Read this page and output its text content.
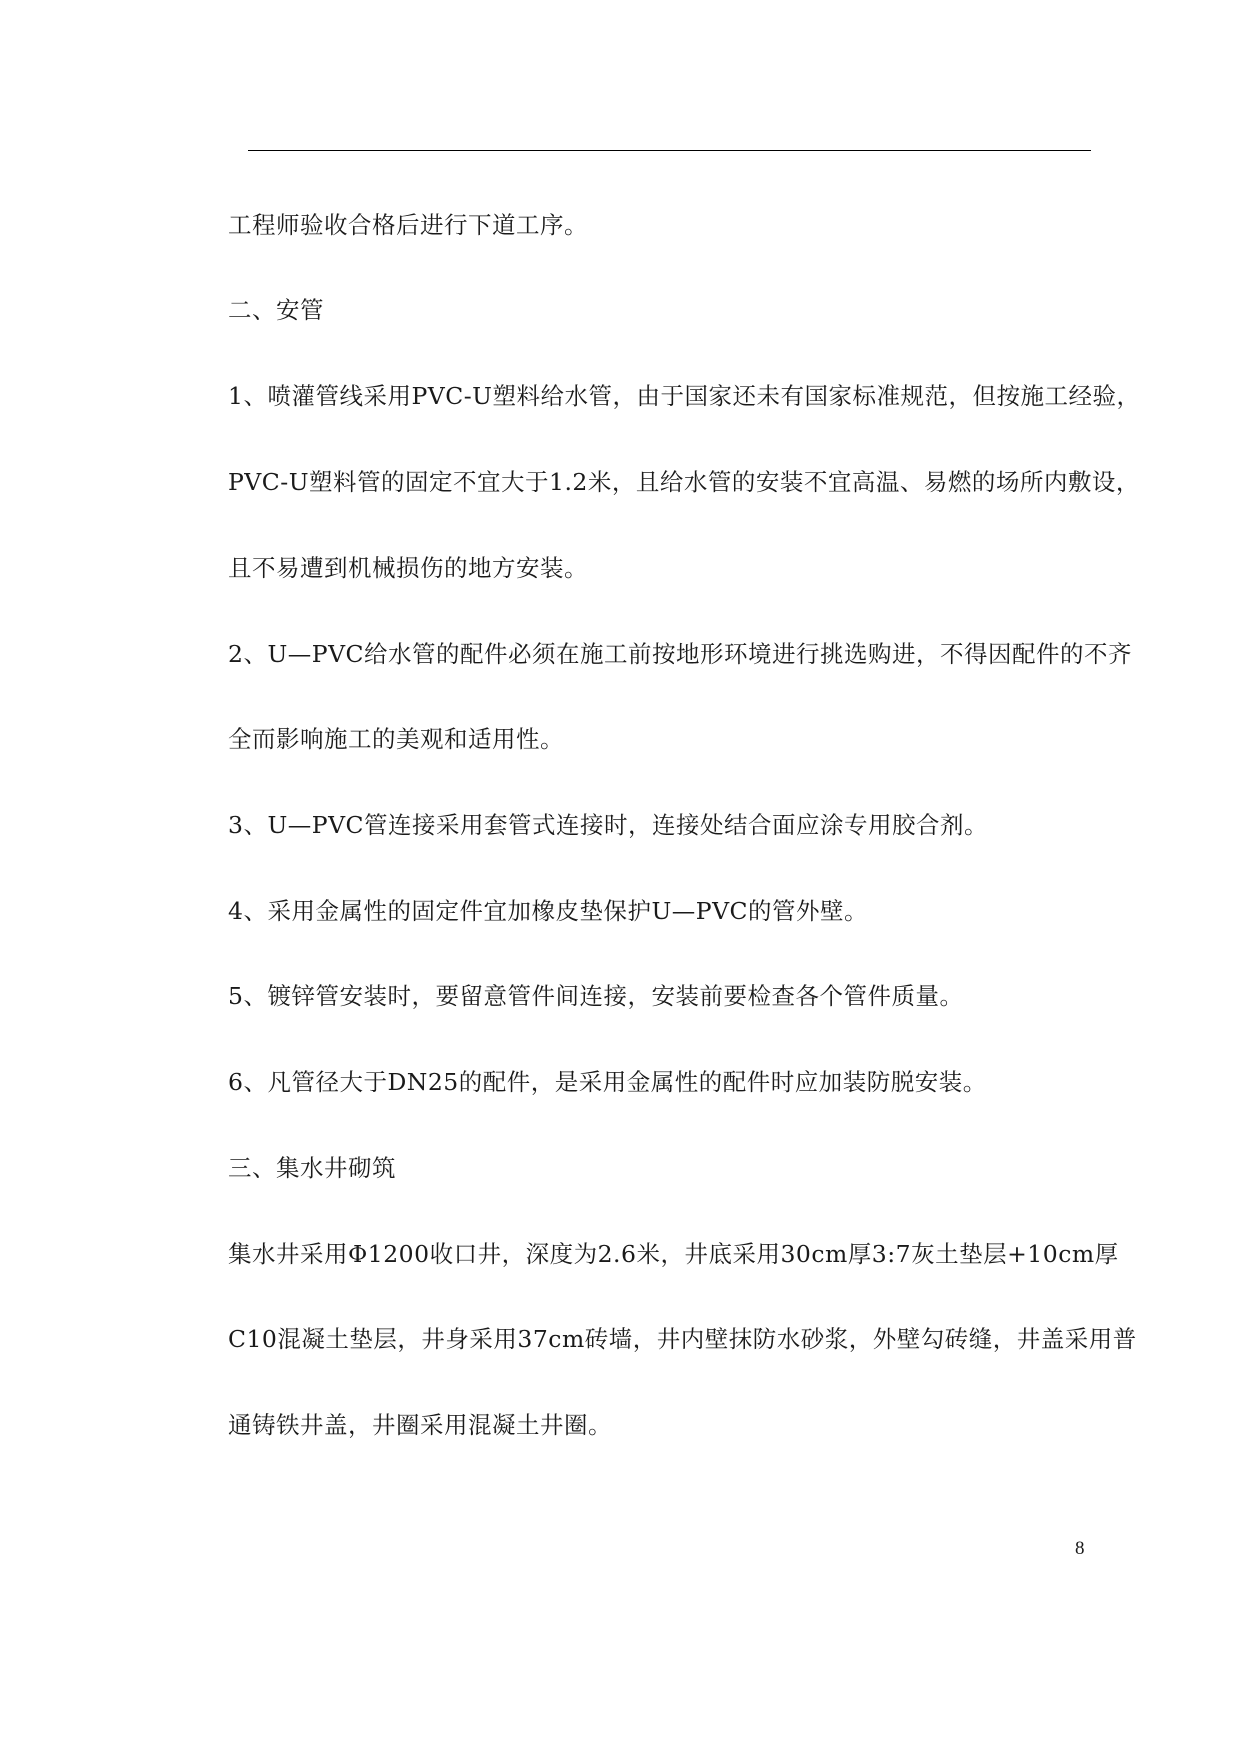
工程师验收合格后进行下道工序。
二、安管
1、喷灌管线采用PVC-U塑料给水管，由于国家还未有国家标准规范，但按施工经验，
PVC-U塑料管的固定不宜大于1.2米，且给水管的安装不宜高温、易燃的场所内敷设，
且不易遭到机械损伤的地方安装。
2、U—PVC给水管的配件必须在施工前按地形环境进行挑选购进，不得因配件的不齐
全而影响施工的美观和适用性。
3、U—PVC管连接采用套管式连接时，连接处结合面应涂专用胶合剂。
4、采用金属性的固定件宜加橡皮垫保护U—PVC的管外壁。
5、镀锌管安装时，要留意管件间连接，安装前要检查各个管件质量。
6、凡管径大于DN25的配件，是采用金属性的配件时应加装防脱安装。
三、集水井砌筑
集水井采用Φ1200收口井，深度为2.6米，井底采用30cm厚3:7灰土垫层+10cm厚
C10混凝土垫层，井身采用37cm砖墙，井内壁抹防水砂浆，外壁勾砖缝，井盖采用普
通铸铁井盖，井圈采用混凝土井圈。
8
